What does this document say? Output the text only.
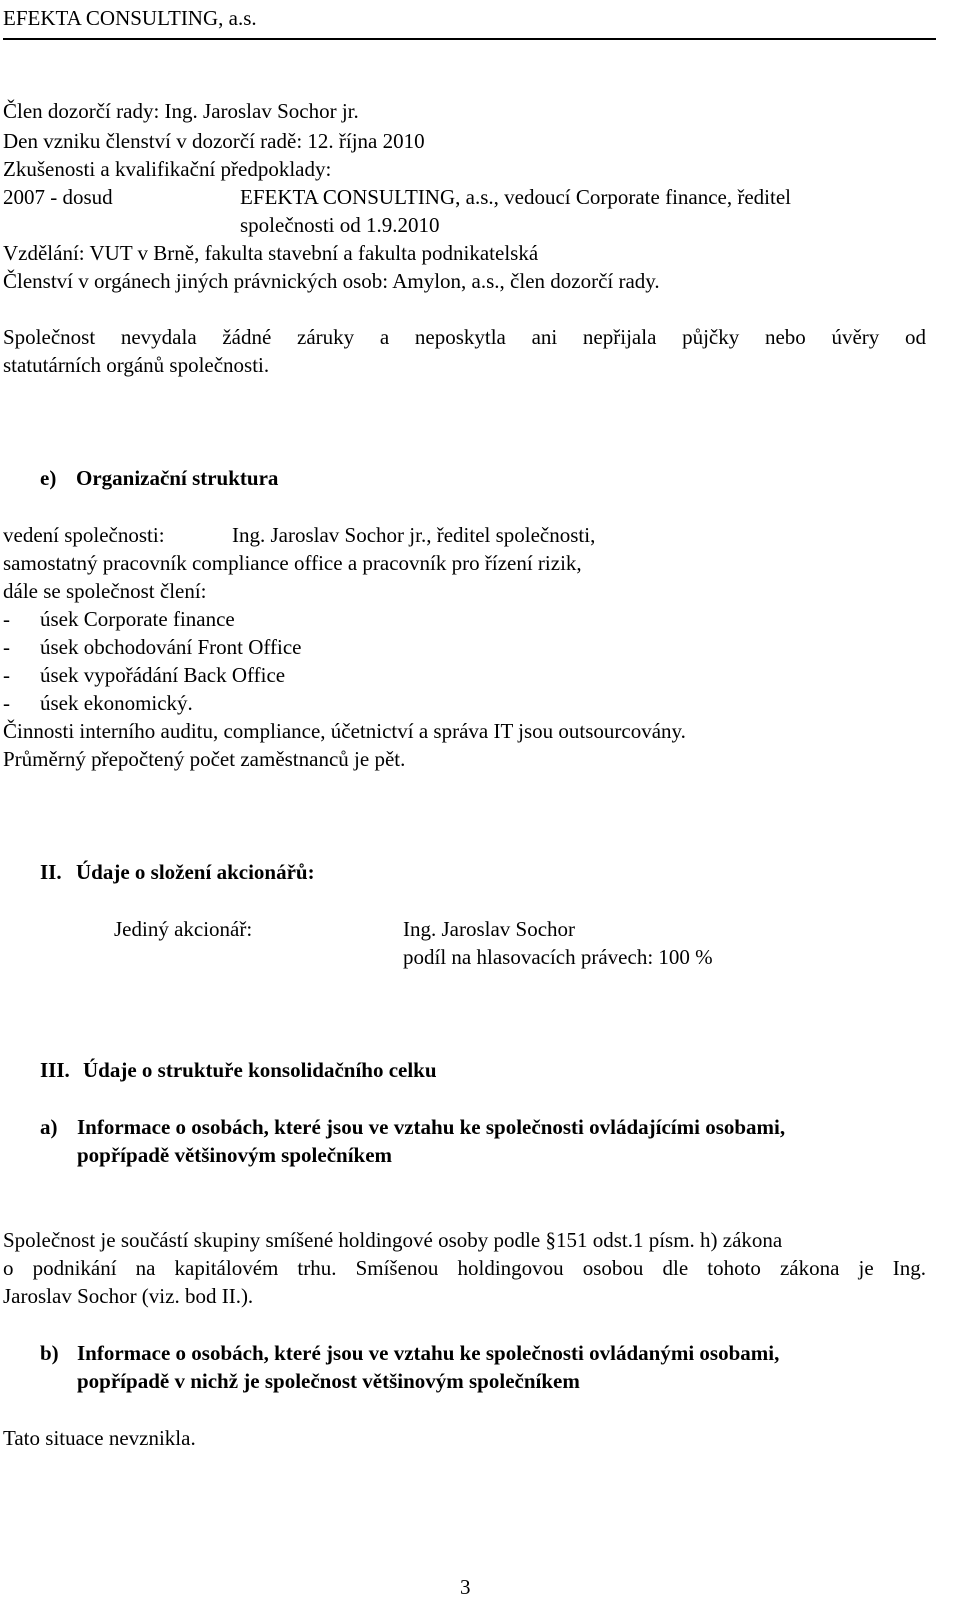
EFEKTA CONSULTING, a.s.
Člen dozorčí rady: Ing. Jaroslav Sochor jr.
Den vzniku členství v dozorčí radě: 12. října 2010
Zkušenosti a kvalifikační předpoklady:
2007 - dosud	EFEKTA CONSULTING, a.s., vedoucí Corporate finance, ředitel
společnosti od 1.9.2010
Vzdělání: VUT v Brně, fakulta stavební a fakulta podnikatelská
Členství v orgánech jiných právnických osob: Amylon, a.s., člen dozorčí rady.
Společnost nevydala žádné záruky a neposkytla ani nepřijala půjčky nebo úvěry od
statutárních orgánů společnosti.
e) Organizační struktura
vedení společnosti:	Ing. Jaroslav Sochor jr., ředitel společnosti,
samostatný pracovník compliance office a pracovník pro řízení rizik,
dále se společnost člení:
- úsek Corporate finance
- úsek obchodování Front Office
- úsek vypořádání Back Office
- úsek ekonomický.
Činnosti interního auditu, compliance, účetnictví a správa IT jsou outsourcovány.
Průměrný přepočtený počet zaměstnanců je pět.
II. Údaje o složení akcionářů:
Jediný akcionář:	Ing. Jaroslav Sochor
podíl na hlasovacích právech: 100 %
III. Údaje o struktuře konsolidačního celku
a) Informace o osobách, které jsou ve vztahu ke společnosti ovládajícími osobami,
popřípadě většinovým společníkem
Společnost je součástí skupiny smíšené holdingové osoby podle §151 odst.1 písm. h) zákona
o podnikání na kapitálovém trhu. Smíšenou holdingovou osobou dle tohoto zákona je Ing.
Jaroslav Sochor (viz. bod II.).
b) Informace o osobách, které jsou ve vztahu ke společnosti ovládanými osobami,
popřípadě v nichž je společnost většinovým společníkem
Tato situace nevznikla.
3
